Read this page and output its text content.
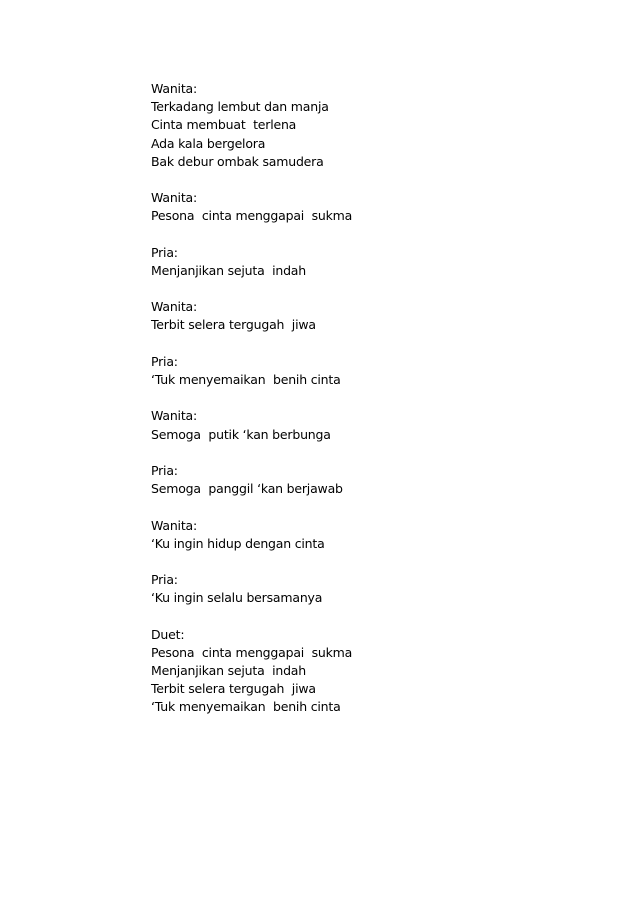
Wanita:
Terkadang lembut dan manja
Cinta membuat  terlena
Ada kala bergelora
Bak debur ombak samudera
Wanita:
Pesona  cinta menggapai  sukma
Pria:
Menjanjikan sejuta  indah
Wanita:
Terbit selera tergugah  jiwa
Pria:
‘Tuk menyemaikan  benih cinta
Wanita:
Semoga  putik ‘kan berbunga
Pria:
Semoga  panggil ‘kan berjawab
Wanita:
‘Ku ingin hidup dengan cinta
Pria:
‘Ku ingin selalu bersamanya
Duet:
Pesona  cinta menggapai  sukma
Menjanjikan sejuta  indah
Terbit selera tergugah  jiwa
‘Tuk menyemaikan  benih cinta
